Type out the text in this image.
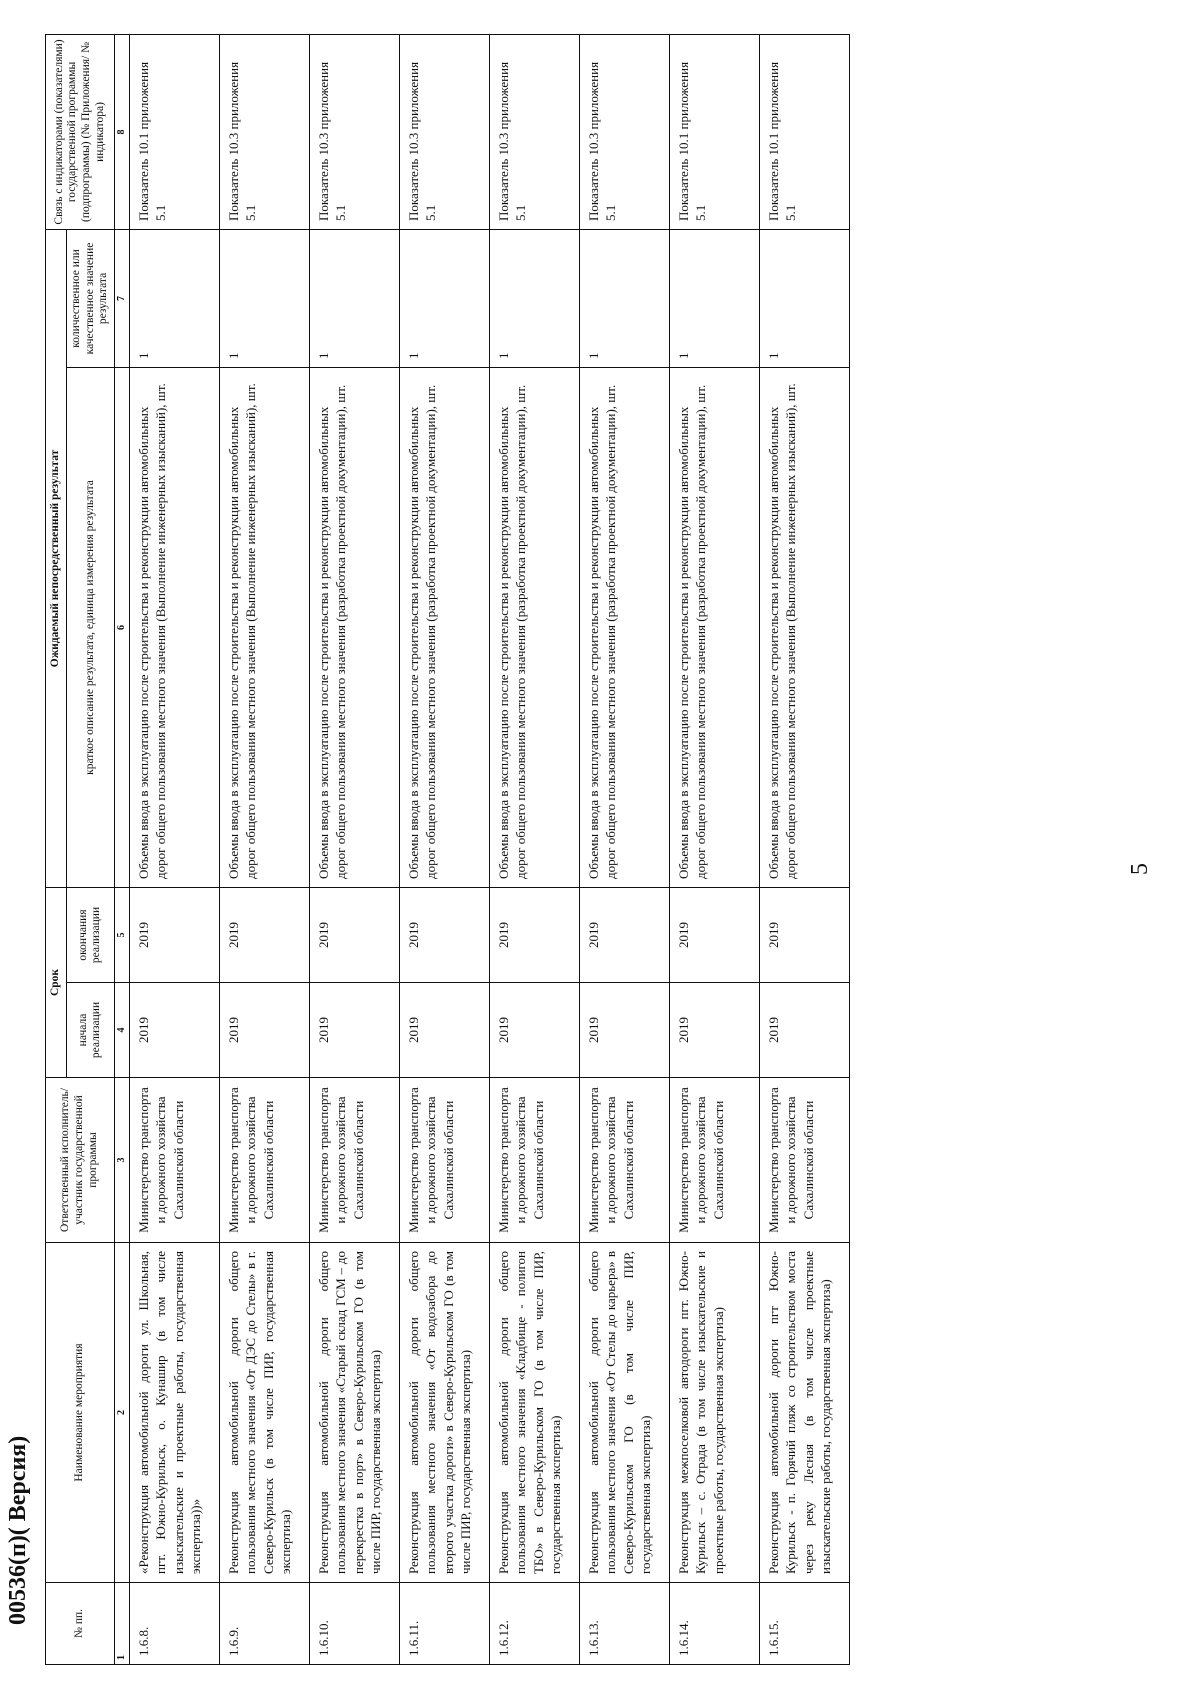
5
00536(п)( Версия)	№ пп.	Наименование мероприятия	Ответственный исполнитель/участник государственной программы	Срок		Ожидаемый непосредственный результат		Связь с индикаторами (показателями) государственной программы (подпрограммы) (№ Приложения/ № индикатора)
			начала реализации	окончания реализации	краткое описание результата, единица измерения результата	количественное или качественное значение результата	
1	2	3	4	5	6	7	8
1.6.8.	«Реконструкция автомобильной дороги ул. Школьная, пгт. Южно-Курильск, о. Кунашир (в том числе изыскательские и проектные работы, государственная экспертиза))»	Министерство транспорта и дорожного хозяйства Сахалинской области	2019	2019	Объемы ввода в эксплуатацию после строительства и реконструкции автомобильных дорог общего пользования местного значения (Выполнение инженерных изысканий), шт.	1	Показатель 10.1 приложения 5.1
1.6.9.	Реконструкция автомобильной дороги общего пользования местного значения «От ДЭС до Стелы» в г. Северо-Курильск (в том числе ПИР, государственная экспертиза)	Министерство транспорта и дорожного хозяйства Сахалинской области	2019	2019	Объемы ввода в эксплуатацию после строительства и реконструкции автомобильных дорог общего пользования местного значения (Выполнение инженерных изысканий), шт.	1	Показатель 10.3 приложения 5.1
1.6.10.	Реконструкция автомобильной дороги общего пользования местного значения «Старый склад ГСМ – до перекрестка в порт» в Северо-Курильском ГО (в том числе ПИР, государственная экспертиза)	Министерство транспорта и дорожного хозяйства Сахалинской области	2019	2019	Объемы ввода в эксплуатацию после строительства и реконструкции автомобильных дорог общего пользования местного значения (разработка проектной документации), шт.	1	Показатель 10.3 приложения 5.1
1.6.11.	Реконструкция автомобильной дороги общего пользования местного значения «От водозабора до второго участка дороги» в Северо-Курильском ГО (в том числе ПИР, государственная экспертиза)	Министерство транспорта и дорожного хозяйства Сахалинской области	2019	2019	Объемы ввода в эксплуатацию после строительства и реконструкции автомобильных дорог общего пользования местного значения (разработка проектной документации), шт.	1	Показатель 10.3 приложения 5.1
1.6.12.	Реконструкция автомобильной дороги общего пользования местного значения «Кладбище - полигон ТБО» в Северо-Курильском ГО (в том числе ПИР, государственная экспертиза)	Министерство транспорта и дорожного хозяйства Сахалинской области	2019	2019	Объемы ввода в эксплуатацию после строительства и реконструкции автомобильных дорог общего пользования местного значения (разработка проектной документации), шт.	1	Показатель 10.3 приложения 5.1
1.6.13.	Реконструкция автомобильной дороги общего пользования местного значения «От Стелы до карьера» в Северо-Курильском ГО (в том числе ПИР, государственная экспертиза)	Министерство транспорта и дорожного хозяйства Сахалинской области	2019	2019	Объемы ввода в эксплуатацию после строительства и реконструкции автомобильных дорог общего пользования местного значения (разработка проектной документации), шт.	1	Показатель 10.3 приложения 5.1
1.6.14.	Реконструкция межпоселковой автодороги пгт. Южно-Курильск – с. Отрада (в том числе изыскательские и проектные работы, государственная экспертиза)	Министерство транспорта и дорожного хозяйства Сахалинской области	2019	2019	Объемы ввода в эксплуатацию после строительства и реконструкции автомобильных дорог общего пользования местного значения (разработка проектной документации), шт.	1	Показатель 10.1 приложения 5.1
1.6.15.	Реконструкция автомобильной дороги пгт Южно-Курильск - п. Горячий пляж со строительством моста через реку Лесная (в том числе проектные изыскательские работы, государственная экспертиза)	Министерство транспорта и дорожного хозяйства Сахалинской области	2019	2019	Объемы ввода в эксплуатацию после строительства и реконструкции автомобильных дорог общего пользования местного значения (Выполнение инженерных изысканий), шт.	1	Показатель 10.1 приложения 5.1
